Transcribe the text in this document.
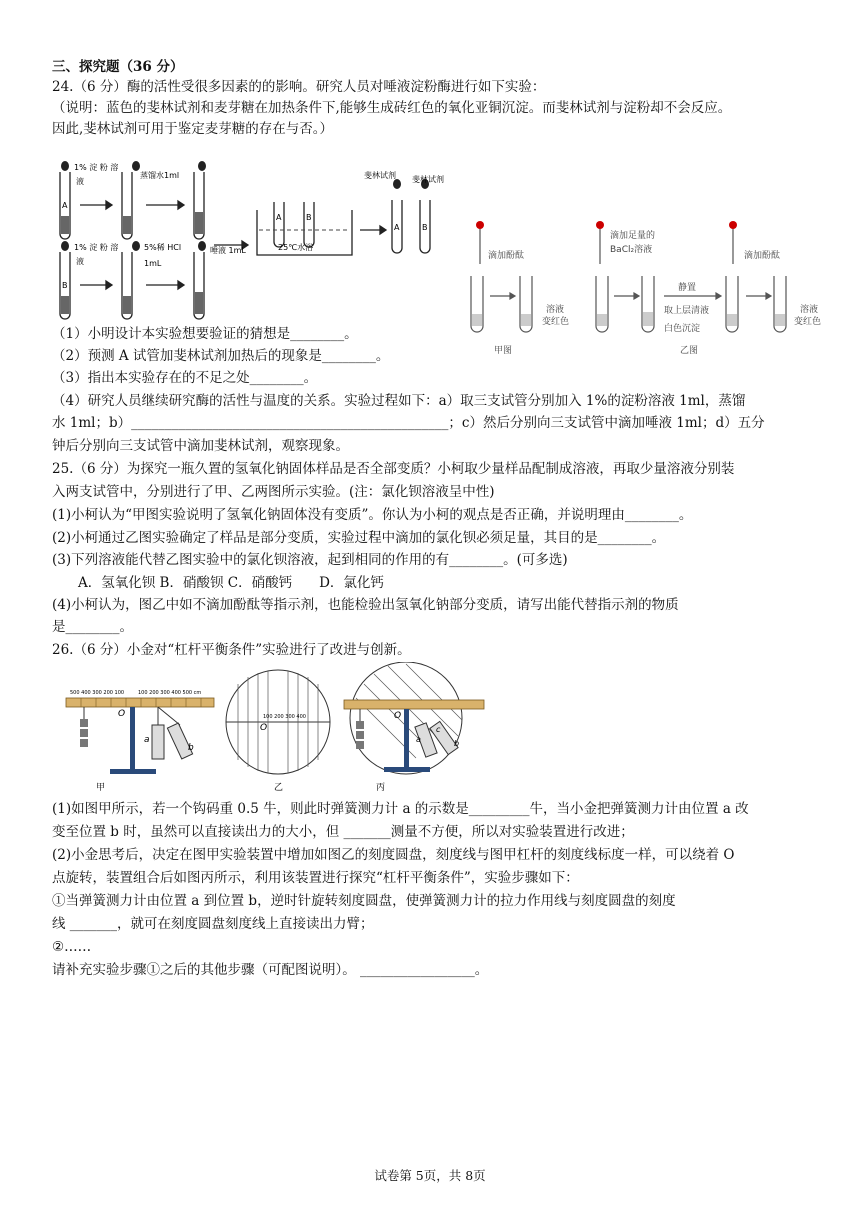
三、探究题（36 分）
24.（6 分）酶的活性受很多因素的的影响。研究人员对唾液淀粉酶进行如下实验：
（说明：蓝色的斐林试剂和麦芽糖在加热条件下,能够生成砖红色的氧化亚铜沉淀。而斐林试剂与淀粉却不会反应。
因此,斐林试剂可用于鉴定麦芽糖的存在与否。）
1% 淀 粉 溶
液
蒸馏水1ml
1% 淀 粉 溶
液
5%稀 HCl
1mL
唾液 1mL	25℃水浴
斐林试剂 斐林试剂
A
B
A	B
A	B
滴加酚酞
溶液
变红色
滴加足量的
BaCl₂溶液
静置
取上层清液
白色沉淀
滴加酚酞
溶液
变红色
甲图	乙图
（1）小明设计本实验想要验证的猜想是________。
（2）预测 A 试管加斐林试剂加热后的现象是________。
（3）指出本实验存在的不足之处________。
（4）研究人员继续研究酶的活性与温度的关系。实验过程如下：a）取三支试管分别加入 1%的淀粉溶液 1ml，蒸馏
水 1ml；b）_______________________________________________；c）然后分别向三支试管中滴加唾液 1ml；d）五分
钟后分别向三支试管中滴加斐林试剂，观察现象。
25.（6 分）为探究一瓶久置的氢氧化钠固体样品是否全部变质？小柯取少量样品配制成溶液，再取少量溶液分别装
入两支试管中，分别进行了甲、乙两图所示实验。(注：氯化钡溶液呈中性)
(1)小柯认为“甲图实验说明了氢氧化钠固体没有变质”。你认为小柯的观点是否正确，并说明理由________。
(2)小柯通过乙图实验确定了样品是部分变质，实验过程中滴加的氯化钡必须足量，其目的是________。
(3)下列溶液能代替乙图实验中的氯化钡溶液，起到相同的作用的有________。(可多选)
A．氢氧化钡 B．硝酸钡 C．硝酸钙　　D．氯化钙
(4)小柯认为，图乙中如不滴加酚酞等指示剂，也能检验出氢氧化钠部分变质，请写出能代替指示剂的物质
是________。
26.（6 分）小金对“杠杆平衡条件”实验进行了改进与创新。
O
a
b
500 400 300 200 100	100 200 300 400 500 cm
甲
100 200 300 400
O
乙
O
a
c
b
丙
(1)如图甲所示，若一个钩码重 0.5 牛，则此时弹簧测力计 a 的示数是_________牛，当小金把弹簧测力计由位置 a 改
变至位置 b 时，虽然可以直接读出力的大小，但 _______测量不方便，所以对实验装置进行改进；
(2)小金思考后，决定在图甲实验装置中增加如图乙的刻度圆盘，刻度线与图甲杠杆的刻度线标度一样，可以绕着 O
点旋转，装置组合后如图丙所示，利用该装置进行探究“杠杆平衡条件”，实验步骤如下：
①当弹簧测力计由位置 a 到位置 b，逆时针旋转刻度圆盘，使弹簧测力计的拉力作用线与刻度圆盘的刻度
线 _______，就可在刻度圆盘刻度线上直接读出力臂；
②……
请补充实验步骤①之后的其他步骤（可配图说明）。 _________________。
试卷第 5页，共 8页
